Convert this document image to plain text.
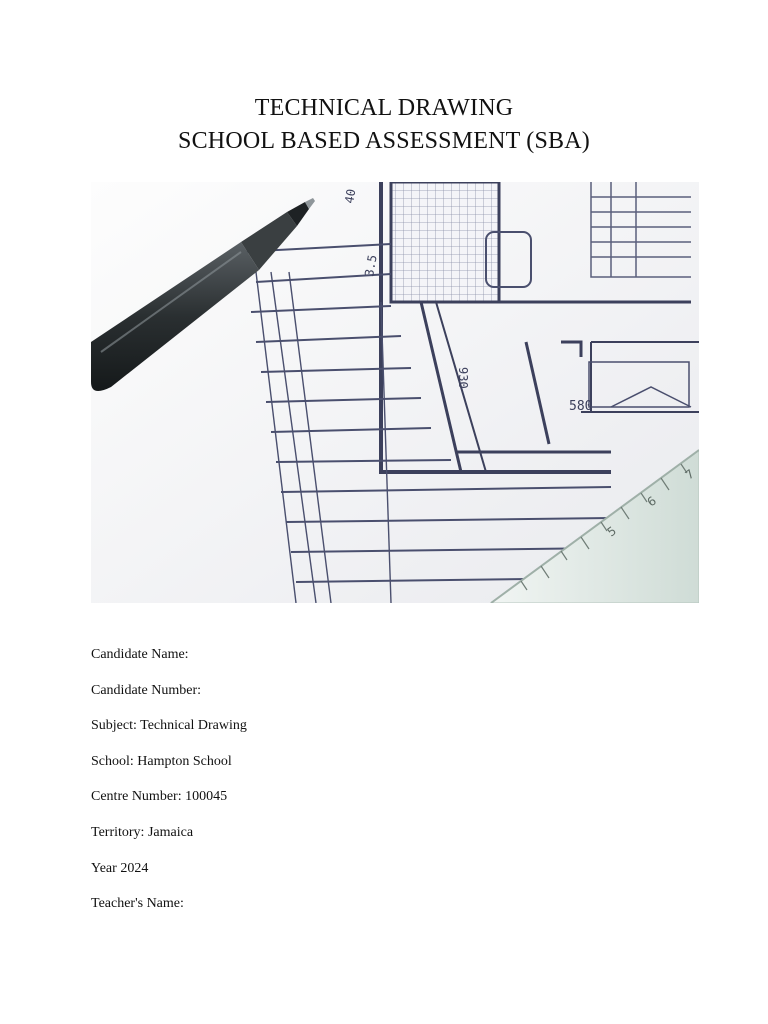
TECHNICAL DRAWING
SCHOOL BASED ASSESSMENT (SBA)
40
3.5
930
580
5
6
7
Candidate Name:
Candidate Number:
Subject: Technical Drawing
School: Hampton School
Centre Number: 100045
Territory: Jamaica
Year 2024
Teacher's Name:
